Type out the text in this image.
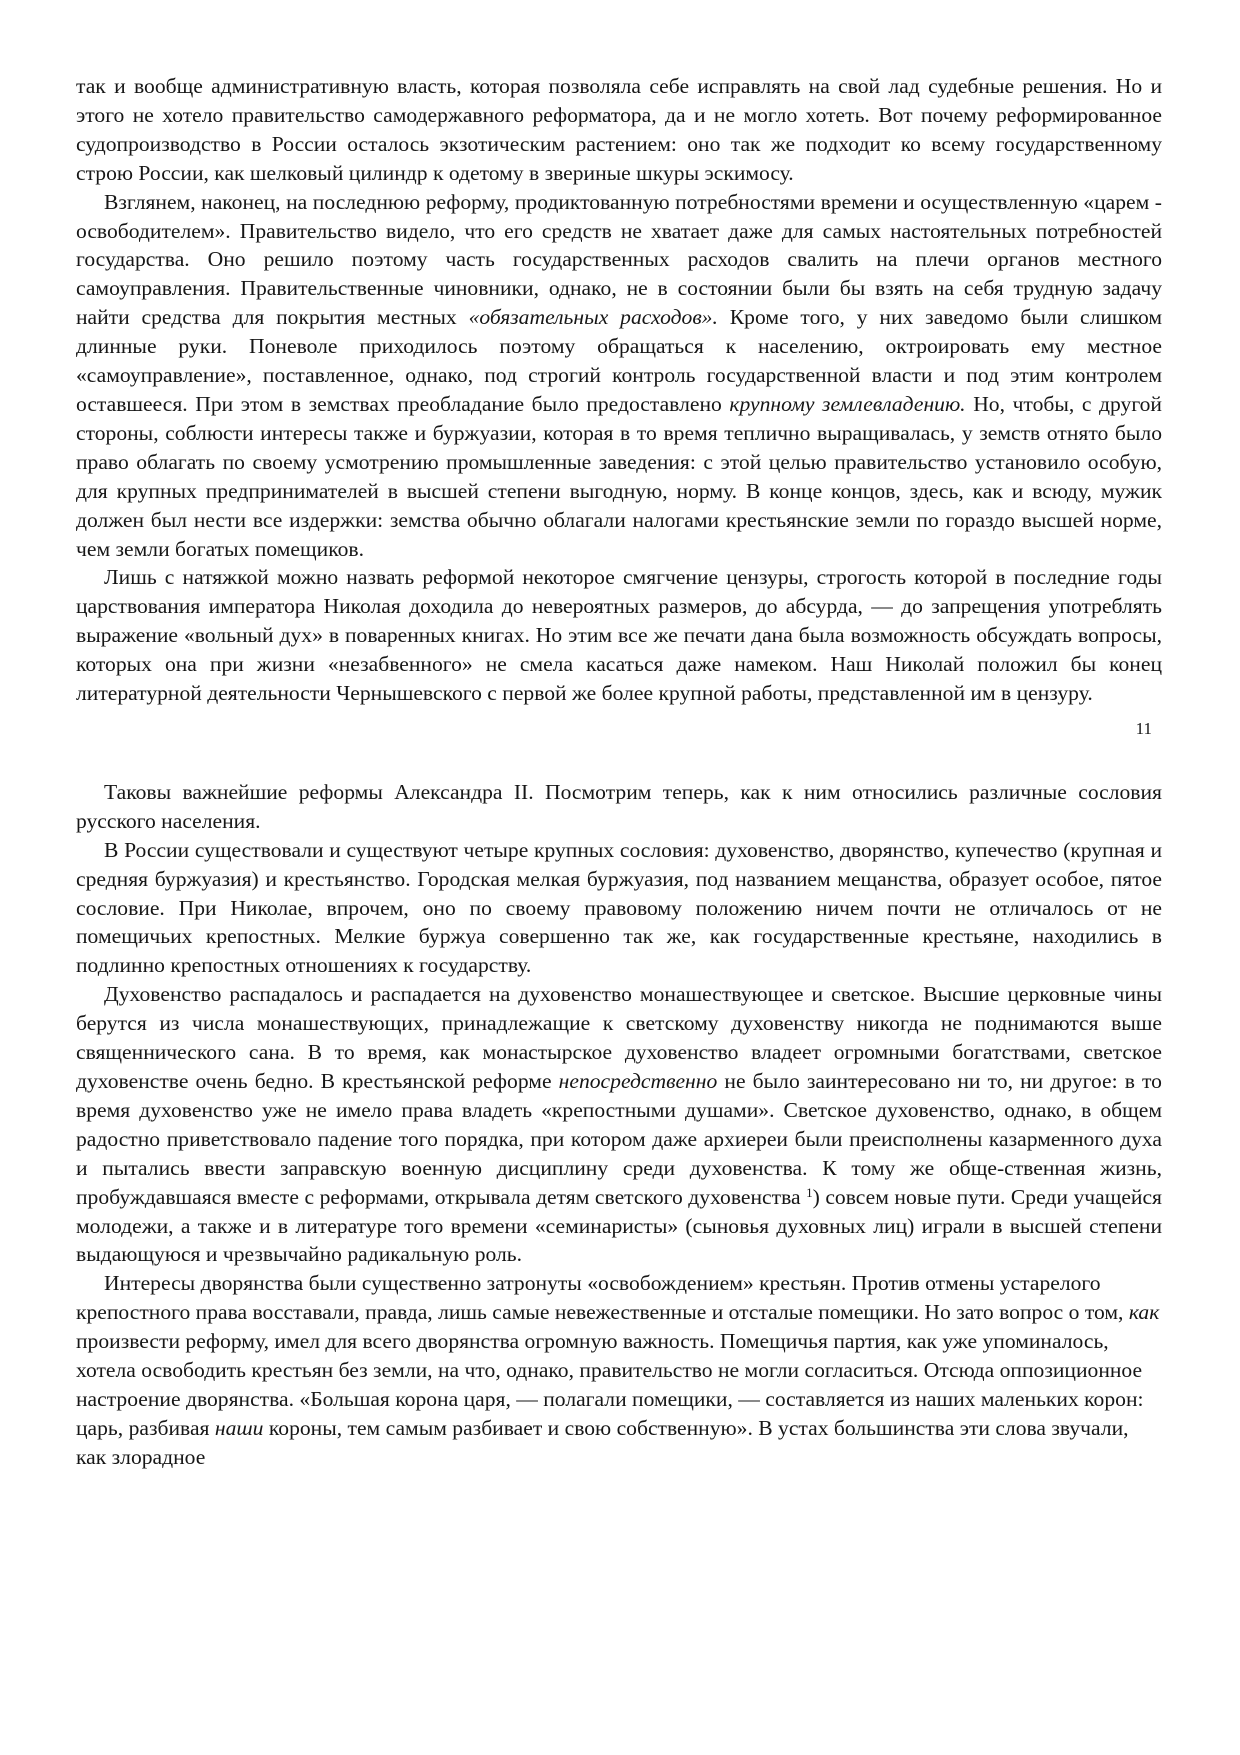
так и вообще административную власть, которая позволяла себе исправлять на свой лад судебные решения. Но и этого не хотело правительство самодержавного реформатора, да и не могло хотеть. Вот почему реформированное судопроизводство в России осталось экзотическим растением: оно так же подходит ко всему государственному строю России, как шелковый цилиндр к одетому в звериные шкуры эскимосу.

Взглянем, наконец, на последнюю реформу, продиктованную потребностями времени и осуществленную «царем - освободителем». Правительство видело, что его средств не хватает даже для самых настоятельных потребностей государства. Оно решило поэтому часть государственных расходов свалить на плечи органов местного самоуправления. Правительственные чиновники, однако, не в состоянии были бы взять на себя трудную задачу найти средства для покрытия местных «обязательных расходов». Кроме того, у них заведомо были слишком длинные руки. Поневоле приходилось поэтому обращаться к населению, октроировать ему местное «самоуправление», поставленное, однако, под строгий контроль государственной власти и под этим контролем оставшееся. При этом в земствах преобладание было предоставлено крупному землевладению. Но, чтобы, с другой стороны, соблюсти интересы также и буржуазии, которая в то время теплично выращивалась, у земств отнято было право облагать по своему усмотрению промышленные заведения: с этой целью правительство установило особую, для крупных предпринимателей в высшей степени выгодную, норму. В конце концов, здесь, как и всюду, мужик должен был нести все издержки: земства обычно облагали налогами крестьянские земли по гораздо высшей норме, чем земли богатых помещиков.

Лишь с натяжкой можно назвать реформой некоторое смягчение цензуры, строгость которой в последние годы царствования императора Николая доходила до невероятных размеров, до абсурда, — до запрещения употреблять выражение «вольный дух» в поваренных книгах. Но этим все же печати дана была возможность обсуждать вопросы, которых она при жизни «незабвенного» не смела касаться даже намеком. Наш Николай положил бы конец литературной деятельности Чернышевского с первой же более крупной работы, представленной им в цензуру.

11

Таковы важнейшие реформы Александра II. Посмотрим теперь, как к ним относились различные сословия русского населения.

В России существовали и существуют четыре крупных сословия: духовенство, дворянство, купечество (крупная и средняя буржуазия) и крестьянство. Городская мелкая буржуазия, под названием мещанства, образует особое, пятое сословие. При Николае, впрочем, оно по своему правовому положению ничем почти не отличалось от не помещичьих крепостных. Мелкие буржуа совершенно так же, как государственные крестьяне, находились в подлинно крепостных отношениях к государству.

Духовенство распадалось и распадается на духовенство монашествующее и светское. Высшие церковные чины берутся из числа монашествующих, принадлежащие к светскому духовенству никогда не поднимаются выше священнического сана. В то время, как монастырское духовенство владеет огромными богатствами, светское духовенстве очень бедно. В крестьянской реформе непосредственно не было заинтересовано ни то, ни другое: в то время духовенство уже не имело права владеть «крепостными душами». Светское духовенство, однако, в общем радостно приветствовало падение того порядка, при котором даже архиереи были преисполнены казарменного духа и пытались ввести заправскую военную дисциплину среди духовенства. К тому же обще-ственная жизнь, пробуждавшаяся вместе с реформами, открывала детям светского духовенства $^1$) совсем новые пути. Среди учащейся молодежи, а также и в литературе того времени «семинаристы» (сыновья духовных лиц) играли в высшей степени выдающуюся и чрезвычайно радикальную роль.

Интересы дворянства были существенно затронуты «освобождением» крестьян. Против отмены устарелого крепостного права восставали, правда, лишь самые невежественные и отсталые помещики. Но зато вопрос о том, как произвести реформу, имел для всего дворянства огромную важность. Помещичья партия, как уже упоминалось, хотела освободить крестьян без земли, на что, однако, правительство не могли согласиться. Отсюда оппозиционное настроение дворянства. «Большая корона царя, — полагали помещики, — составляется из наших маленьких корон: царь, разбивая наши короны, тем самым разбивает и свою собственную». В устах большинства эти слова звучали, как злорадное
